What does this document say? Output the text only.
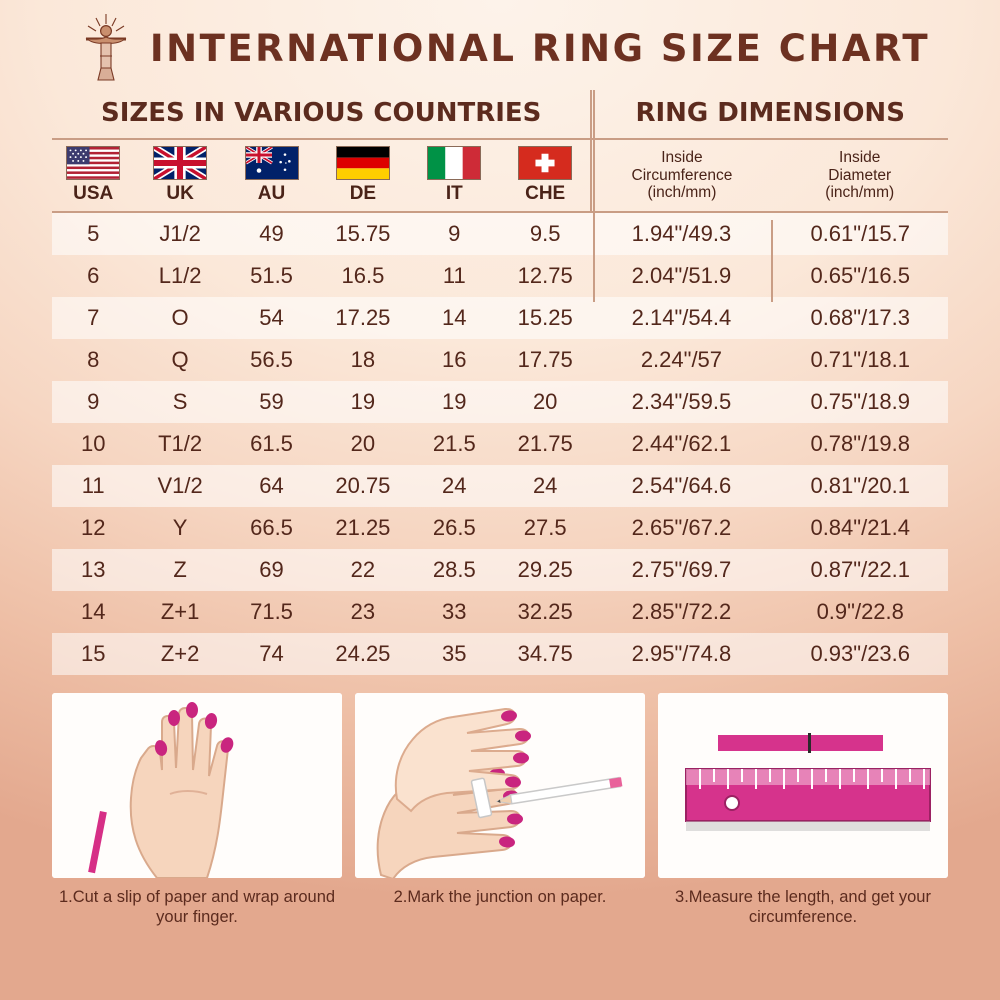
INTERNATIONAL RING SIZE CHART
SIZES IN VARIOUS COUNTRIES						RING DIMENSIONS	

USA	UK	AU	DE	IT	CHE

Inside
Circumference
(inch/mm)

Inside
Diameter
(inch/mm)

5	J1/2	49	15.75	9	9.5	1.94"/49.3	0.61"/15.7
6	L1/2	51.5	16.5	11	12.75	2.04"/51.9	0.65"/16.5
7	O	54	17.25	14	15.25	2.14"/54.4	0.68"/17.3
8	Q	56.5	18	16	17.75	2.24"/57	0.71"/18.1
9	S	59	19	19	20	2.34"/59.5	0.75"/18.9
10	T1/2	61.5	20	21.5	21.75	2.44"/62.1	0.78"/19.8
11	V1/2	64	20.75	24	24	2.54"/64.6	0.81"/20.1
12	Y	66.5	21.25	26.5	27.5	2.65"/67.2	0.84"/21.4
13	Z	69	22	28.5	29.25	2.75"/69.7	0.87"/22.1
14	Z+1	71.5	23	33	32.25	2.85"/72.2	0.9"/22.8
15	Z+2	74	24.25	35	34.75	2.95"/74.8	0.93"/23.6
1.Cut a slip of paper and wrap around your finger.
2.Mark the junction on paper.	3.Measure the length, and get your circumference.
